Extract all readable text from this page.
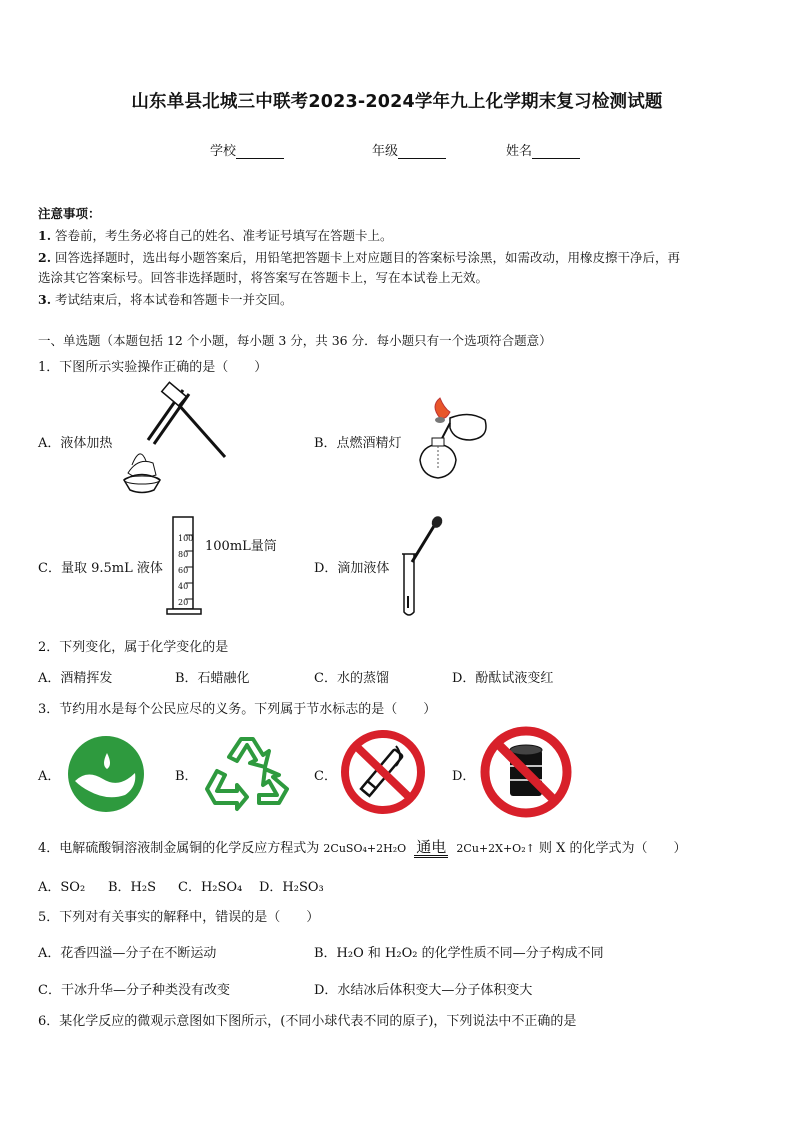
山东单县北城三中联考2023-2024学年九上化学期末复习检测试题
学校	年级	姓名
注意事项：
1. 答卷前，考生务必将自己的姓名、准考证号填写在答题卡上。
2. 回答选择题时，选出每小题答案后，用铅笔把答题卡上对应题目的答案标号涂黑，如需改动，用橡皮擦干净后，再
选涂其它答案标号。回答非选择题时，将答案写在答题卡上，写在本试卷上无效。
3. 考试结束后，将本试卷和答题卡一并交回。
一、单选题（本题包括 12 个小题，每小题 3 分，共 36 分．每小题只有一个选项符合题意）
1．下图所示实验操作正确的是（　　）
A．液体加热	B．点燃酒精灯
C．量取 9.5mL 液体
100
80
60
40
20
100mL量筒
D．滴加液体
2．下列变化，属于化学变化的是
A．酒精挥发	B．石蜡融化	C．水的蒸馏	D．酚酞试液变红
3．节约用水是每个公民应尽的义务。下列属于节水标志的是（　　）
A．	B．	C．	D．
4．电解硫酸铜溶液制金属铜的化学反应方程式为 2CuSO₄+2H₂O 通电 2Cu+2X+O₂↑ 则 X 的化学式为（　　）
A．SO₂ B．H₂S C．H₂SO₄ D．H₂SO₃
5．下列对有关事实的解释中，错误的是（　　）
A．花香四溢—分子在不断运动	B．H₂O 和 H₂O₂ 的化学性质不同—分子构成不同
C．干冰升华—分子种类没有改变	D．水结冰后体积变大—分子体积变大
6．某化学反应的微观示意图如下图所示，(不同小球代表不同的原子)，下列说法中不正确的是
